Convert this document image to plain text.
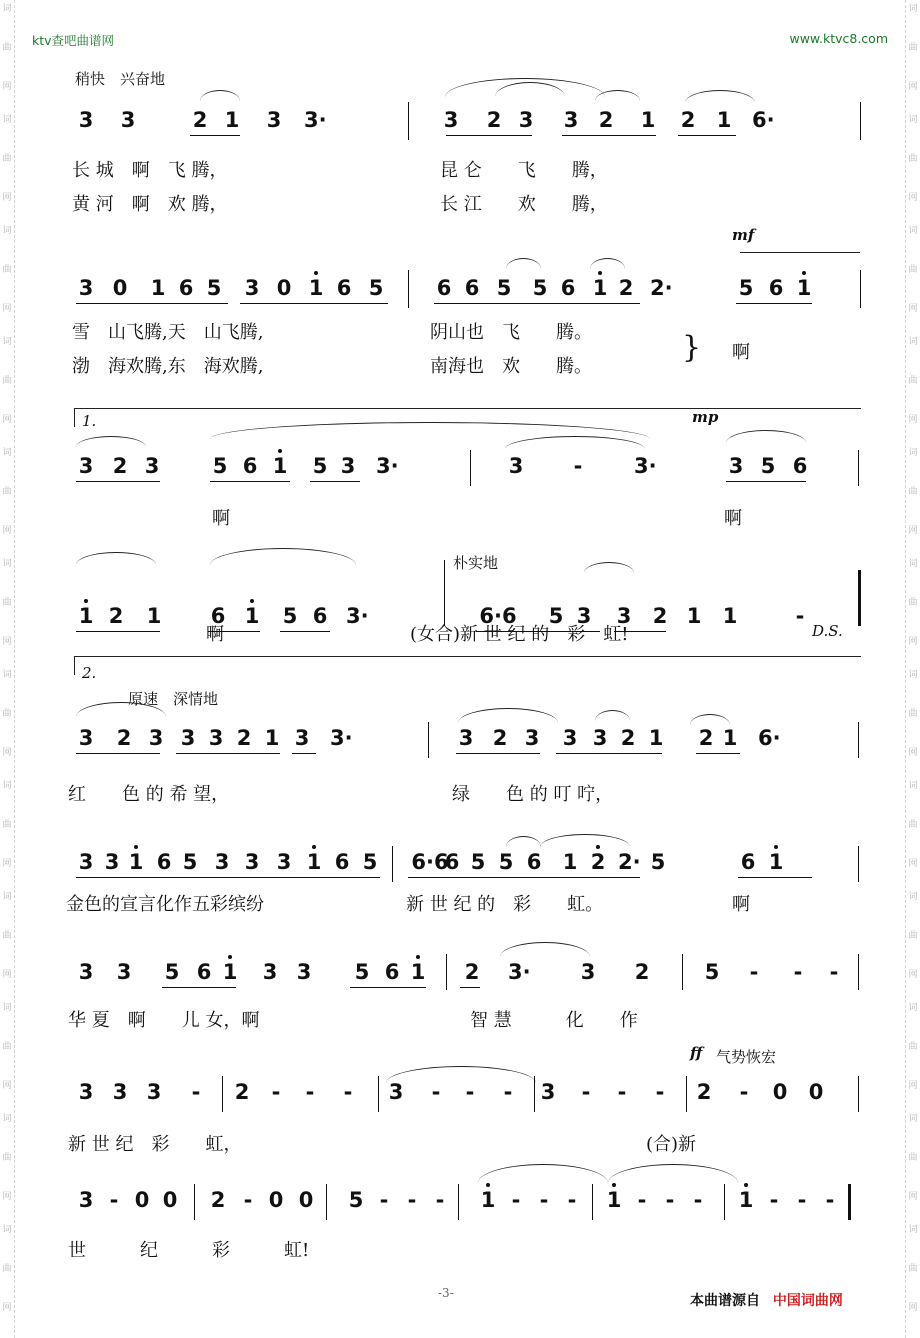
词
曲
网
词
曲
网
词
曲
网
词
曲
网
词
曲
网
词
曲
网
词
曲
网
词
曲
网
词
曲
网
词
曲
网
词
曲
网
词
曲
网
词
曲
网
词
曲
网
词
曲
网
词
曲
网
词
曲
网
词
曲
网
词
曲
网
词
曲
网
词
曲
网
词
曲
网
词
曲
网
词
曲
网
ktv查吧曲谱网	www.ktvc8.com
稍快　兴奋地
3 3	2 1 3 3·	3 2 3 3 2 1 2 1 6·
长 城　啊　飞 腾，	昆 仑　　飞　　腾，
黄 河　啊　欢 腾，	长 江　　欢　　腾，
mf
3 0 1 6 5 3 0 1 6 5	6 6 5 5 6 1 2 2·	5 6 1
雪　山飞腾,天　山飞腾,	阴山也　飞　　腾。
渤　海欢腾,东　海欢腾,	南海也　欢　　腾。
} 啊
1.	mp
3 2 3	5 6 1 5 3 3·	3 - 3·	3 5 6
啊	啊
朴实地
1 2 1 6 1 5 6 3·	6·6 5 3 3 2 1 1	-
啊	(女合)新 世 纪 的　彩　虹!	D.S.
2.
原速　深情地
3 2 3 3 3 2 1 3 3·	3 2 3 3 3 2 1 2 1 6·
红　　色 的 希 望，	绿　　色 的 叮 咛，
3 3 1 6 5 3 3 3 1 6 5 6·6
6 5 5 6 1 2 2· 5	6 1
金色的宣言化作五彩缤纷	新 世 纪 的　彩　　虹。	啊
3 3 5 6 1 3 3 5 6 1 2 3· 3 2	5 - - -
华 夏　啊　　儿 女，啊	智 慧　　　化　　作
ff 气势恢宏
3 3 3 - 2 - - - 3 - - - 3 - - - 2 - 0 0
新 世 纪　彩　　虹，	(合)新
3 - 0 0 2 - 0 0 5 - - - 1 - - - 1 - - - 1 - - -
世　　　纪　　　彩　　　虹!
-3-	本曲谱源自 中国词曲网
